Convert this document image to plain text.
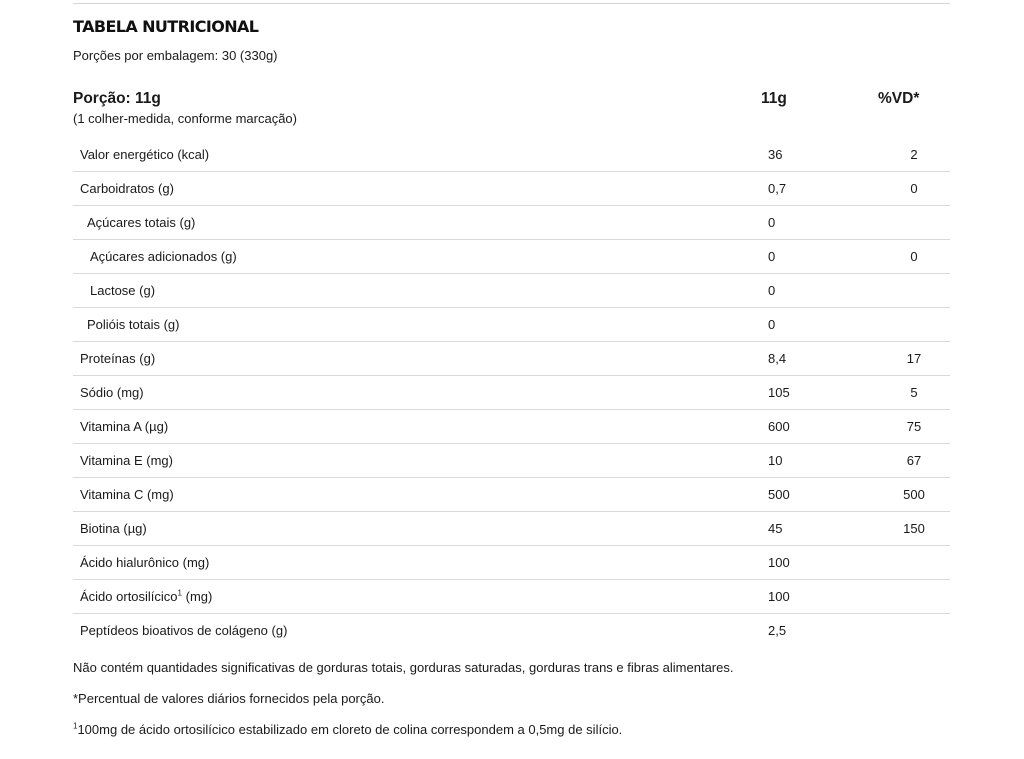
TABELA NUTRICIONAL
Porções por embalagem: 30 (330g)
Porção: 11g	11g	%VD*
(1 colher-medida, conforme marcação)
Valor energético (kcal)	36	2
Carboidratos (g)	0,7	0
Açúcares totais (g)	0
Açúcares adicionados (g)	0	0
Lactose (g)	0
Polióis totais (g)	0
Proteínas (g)	8,4	17
Sódio (mg)	105	5
Vitamina A (µg)	600	75
Vitamina E (mg)	10	67
Vitamina C (mg)	500	500
Biotina (µg)	45	150
Ácido hialurônico (mg)	100
Ácido ortosilícico$^1$ (mg)	100
Peptídeos bioativos de colágeno (g)	2,5
Não contém quantidades significativas de gorduras totais, gorduras saturadas, gorduras trans e fibras alimentares.
*Percentual de valores diários fornecidos pela porção.
$^1$100mg de ácido ortosilícico estabilizado em cloreto de colina correspondem a 0,5mg de silício.
